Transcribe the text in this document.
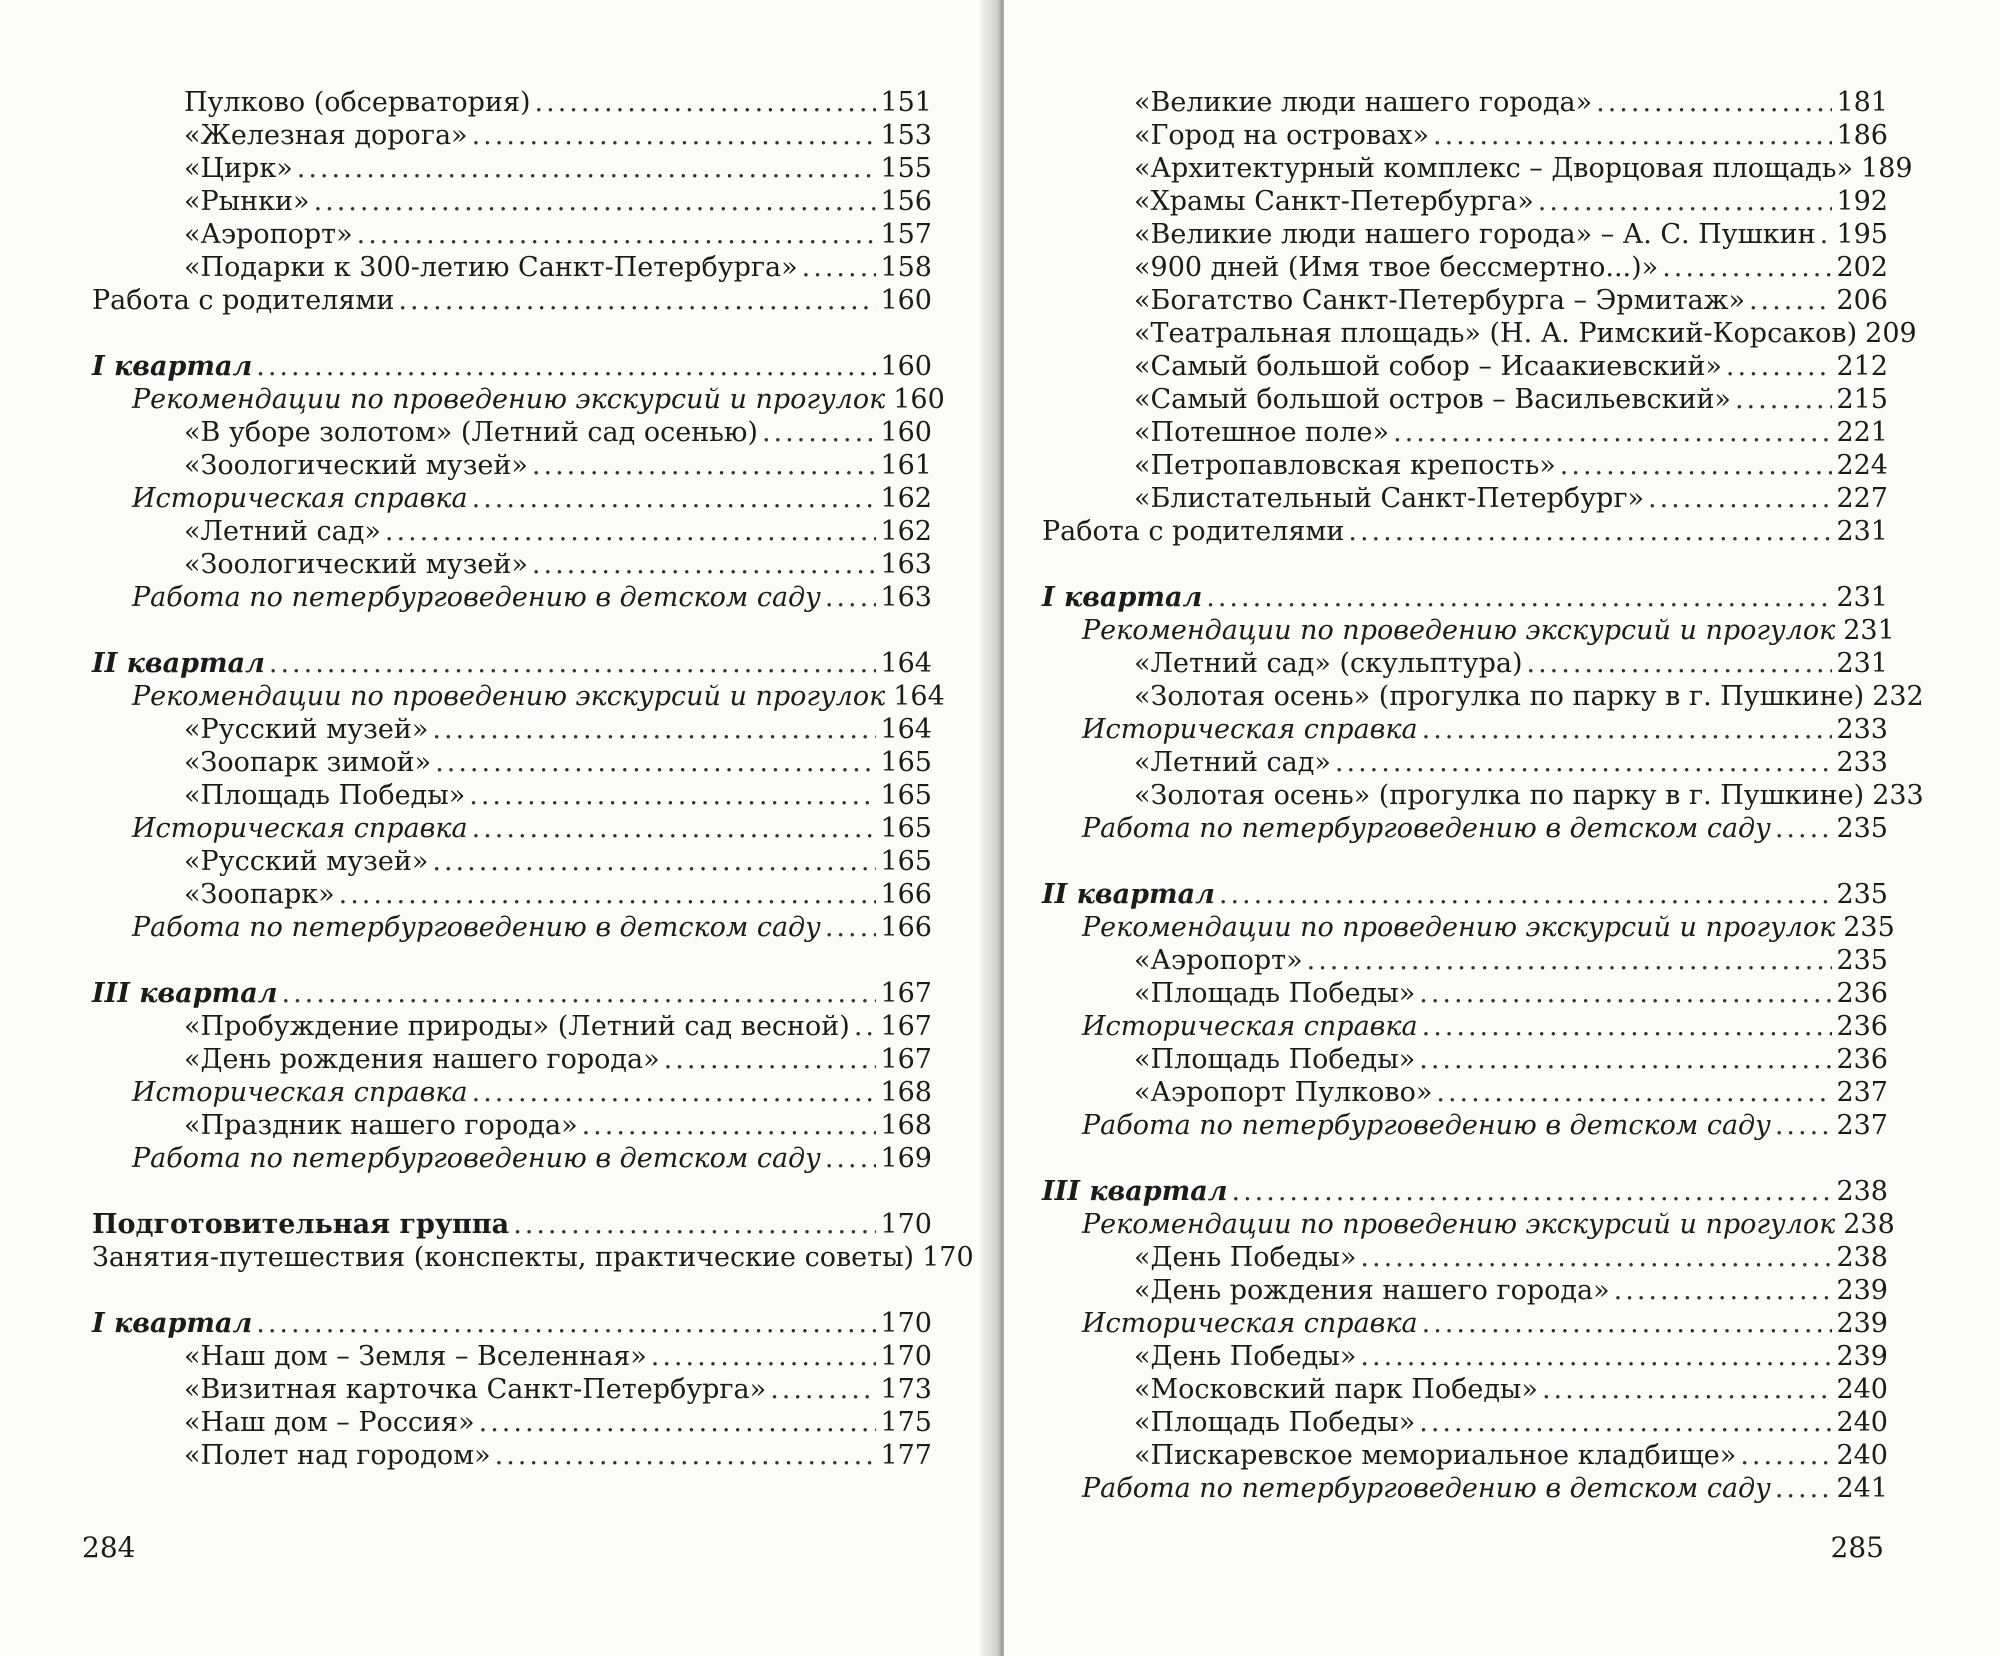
Пулково (обсерватория) .....	151
«Железная дорога» .....	153
«Цирк» .....	155
«Рынки» .....	156
«Аэропорт» .....	157
«Подарки к 300-летию Санкт-Петербурга» .....	158
Работа с родителями .....	160
I квартал .....	160
Рекомендации по проведению экскурсий и прогулок 160
«В уборе золотом» (Летний сад осенью) .....	160
«Зоологический музей» .....	161
Историческая справка .....	162
«Летний сад» .....	162
«Зоологический музей» .....	163
Работа по петербурговедению в детском саду ..... 163
II квартал .....	164
Рекомендации по проведению экскурсий и прогулок 164
«Русский музей» .....	164
«Зоопарк зимой» .....	165
«Площадь Победы» .....	165
Историческая справка .....	165
«Русский музей» .....	165
«Зоопарк» .....	166
Работа по петербурговедению в детском саду ..... 166
III квартал .....	167
«Пробуждение природы» (Летний сад весной) ..... 167
«День рождения нашего города» .....	167
Историческая справка .....	168
«Праздник нашего города» .....	168
Работа по петербурговедению в детском саду ..... 169
Подготовительная группа .....	170
Занятия-путешествия (конспекты, практические советы) 170
I квартал .....	170
«Наш дом – Земля – Вселенная» .....	170
«Визитная карточка Санкт-Петербурга» .....	173
«Наш дом – Россия» .....	175
«Полет над городом» .....	177
284
«Великие люди нашего города» .....	181
«Город на островах» .....	186
«Архитектурный комплекс – Дворцовая площадь» 189
«Храмы Санкт-Петербурга» .....	192
«Великие люди нашего города» – А. С. Пушкин ..... 195
«900 дней (Имя твое бессмертно...)» .....	202
«Богатство Санкт-Петербурга – Эрмитаж» .....	206
«Театральная площадь» (Н. А. Римский-Корсаков) 209
«Самый большой собор – Исаакиевский» .....	212
«Самый большой остров – Васильевский» .....	215
«Потешное поле» .....	221
«Петропавловская крепость» .....	224
«Блистательный Санкт-Петербург» .....	227
Работа с родителями .....	231
I квартал .....	231
Рекомендации по проведению экскурсий и прогулок 231
«Летний сад» (скульптура) .....	231
«Золотая осень» (прогулка по парку в г. Пушкине) 232
Историческая справка .....	233
«Летний сад» .....	233
«Золотая осень» (прогулка по парку в г. Пушкине) 233
Работа по петербурговедению в детском саду ..... 235
II квартал .....	235
Рекомендации по проведению экскурсий и прогулок 235
«Аэропорт» .....	235
«Площадь Победы» .....	236
Историческая справка .....	236
«Площадь Победы» .....	236
«Аэропорт Пулково» .....	237
Работа по петербурговедению в детском саду ..... 237
III квартал .....	238
Рекомендации по проведению экскурсий и прогулок 238
«День Победы» .....	238
«День рождения нашего города» .....	239
Историческая справка .....	239
«День Победы» .....	239
«Московский парк Победы» .....	240
«Площадь Победы» .....	240
«Пискаревское мемориальное кладбище» .....	240
Работа по петербурговедению в детском саду ..... 241
285
